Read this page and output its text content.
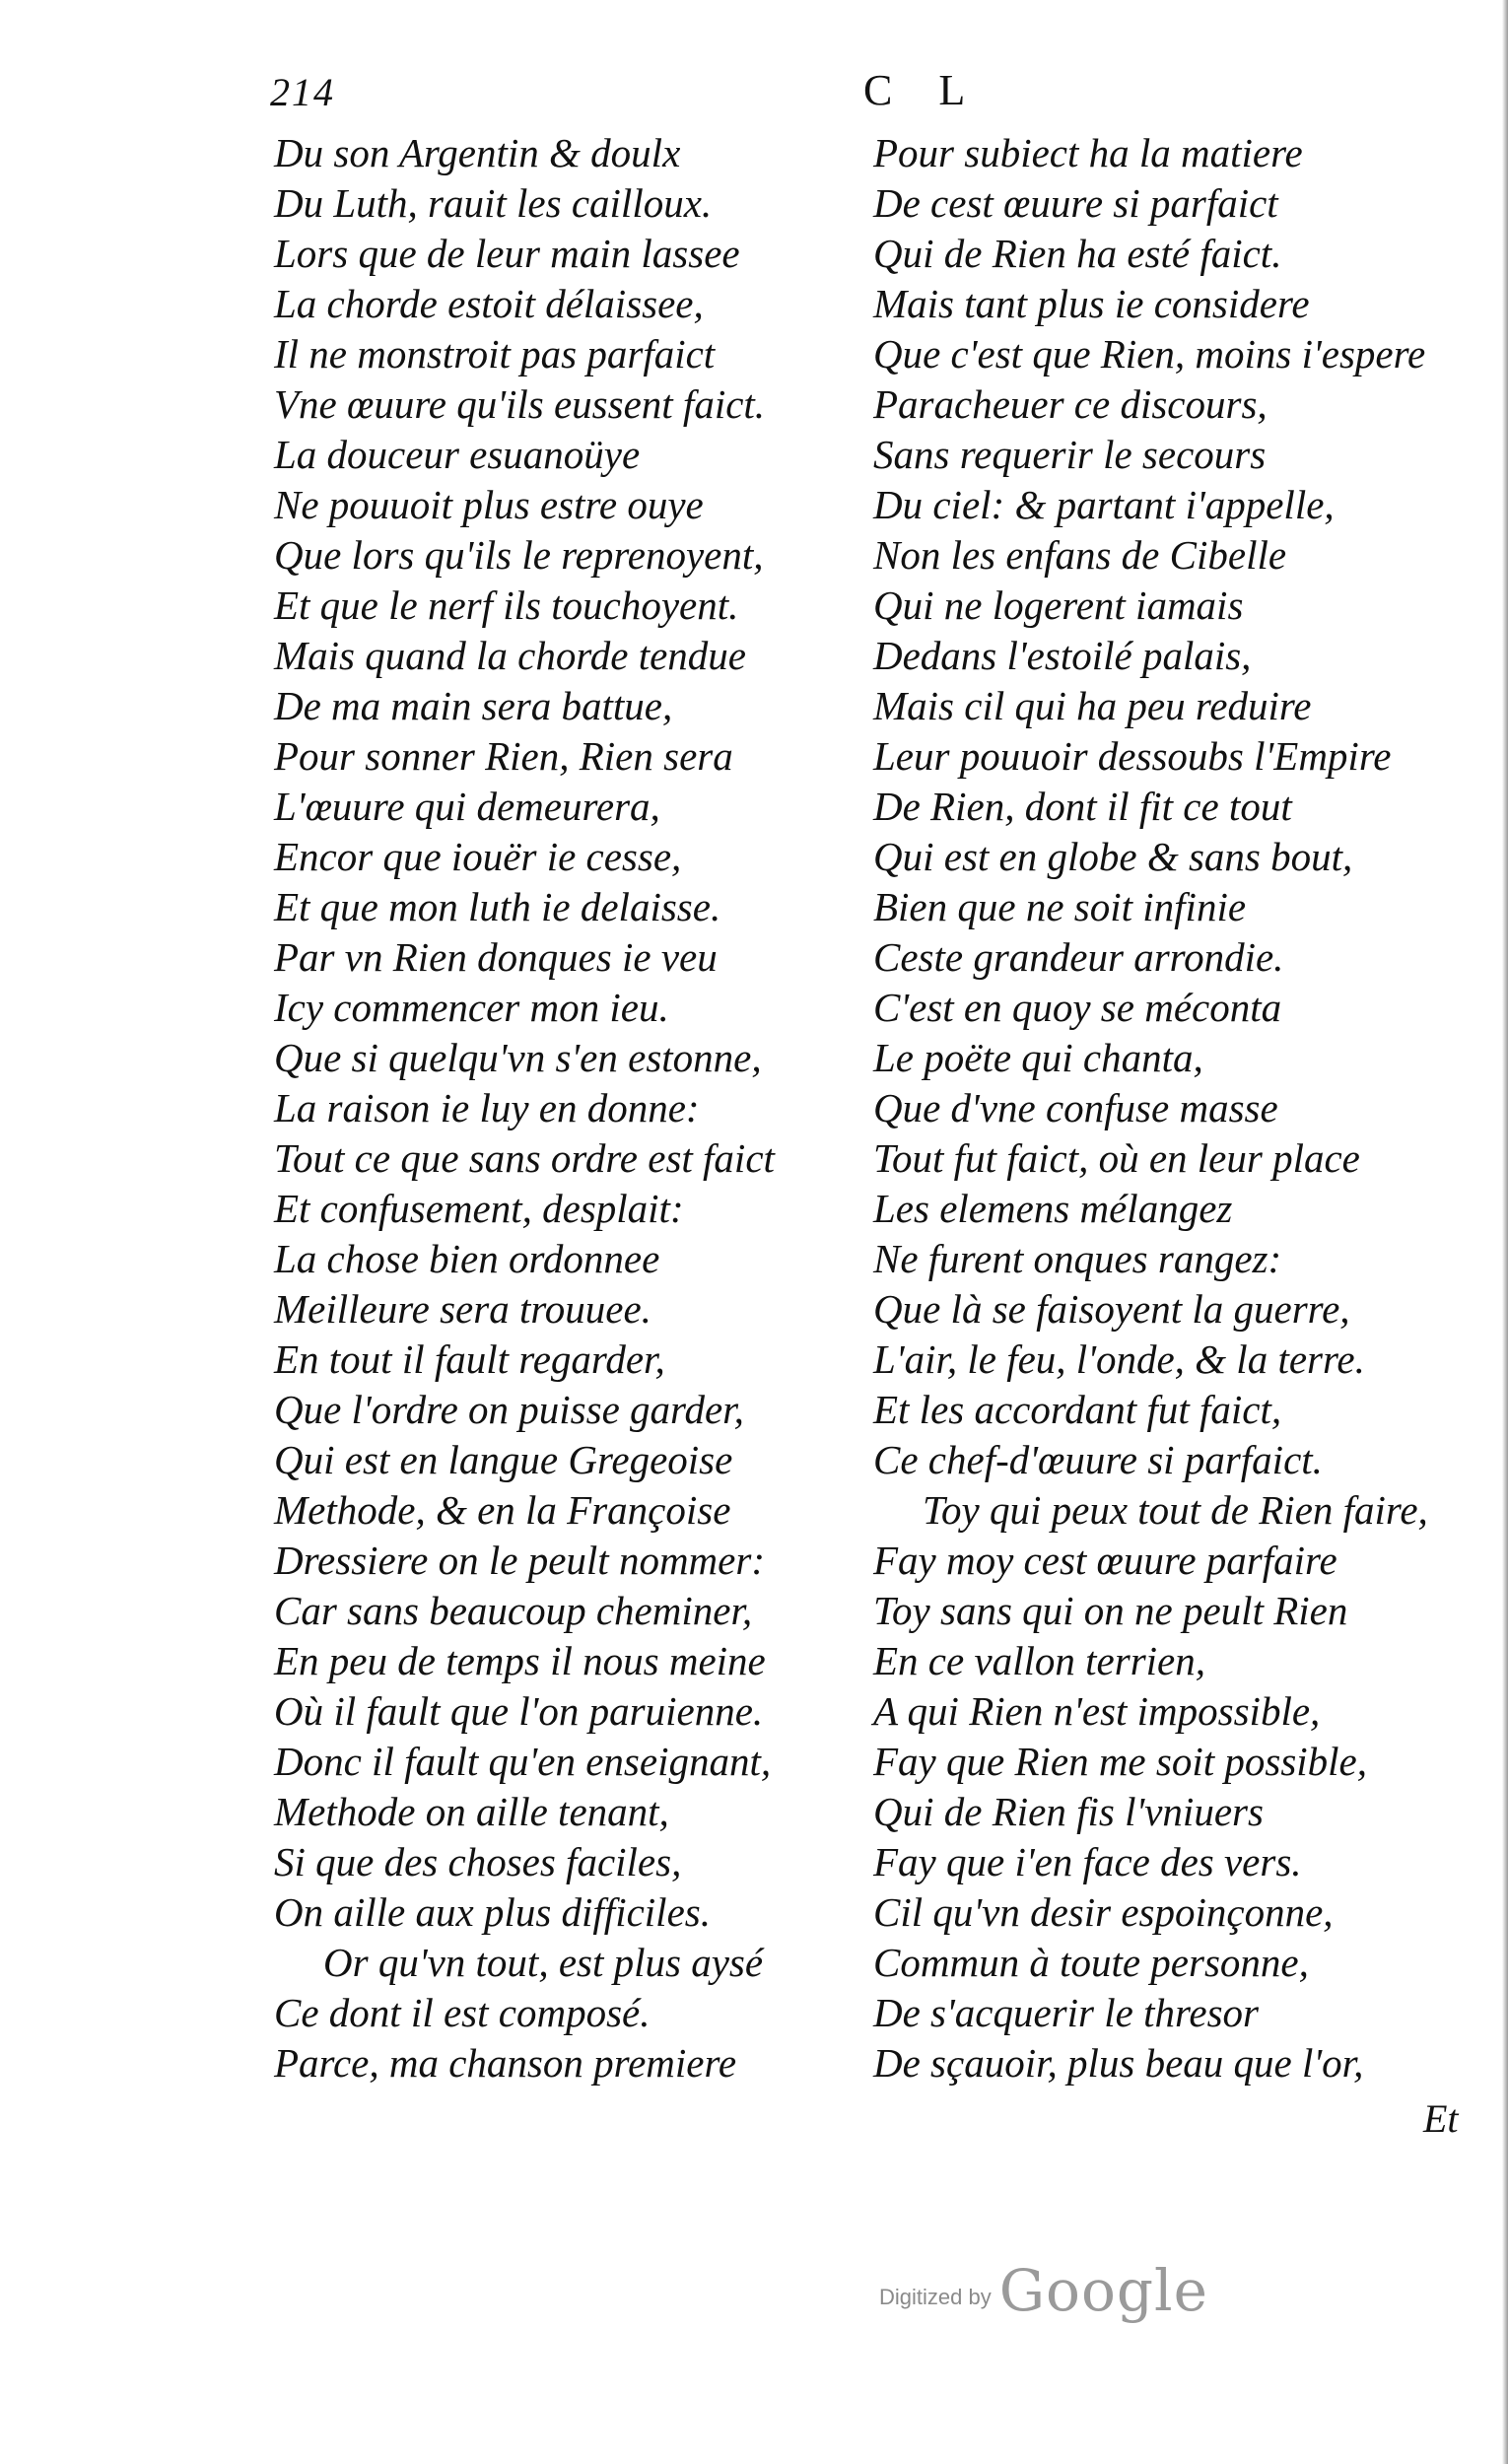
214	C L
Du son Argentin & doulx
Du Luth, rauit les cailloux.
Lors que de leur main lassee
La chorde estoit délaissee,
Il ne monstroit pas parfaict
Vne œuure qu'ils eussent faict.
La douceur esuanoüye
Ne pouuoit plus estre ouye
Que lors qu'ils le reprenoyent,
Et que le nerf ils touchoyent.
Mais quand la chorde tendue
De ma main sera battue,
Pour sonner Rien, Rien sera
L'œuure qui demeurera,
Encor que iouër ie cesse,
Et que mon luth ie delaisse.
Par vn Rien donques ie veu
Icy commencer mon ieu.
Que si quelqu'vn s'en estonne,
La raison ie luy en donne:
Tout ce que sans ordre est faict
Et confusement, desplait:
La chose bien ordonnee
Meilleure sera trouuee.
En tout il fault regarder,
Que l'ordre on puisse garder,
Qui est en langue Gregeoise
Methode, & en la Françoise
Dressiere on le peult nommer:
Car sans beaucoup cheminer,
En peu de temps il nous meine
Où il fault que l'on paruienne.
Donc il fault qu'en enseignant,
Methode on aille tenant,
Si que des choses faciles,
On aille aux plus difficiles.
Or qu'vn tout, est plus aysé
Ce dont il est composé.
Parce, ma chanson premiere
Pour subiect ha la matiere
De cest œuure si parfaict
Qui de Rien ha esté faict.
Mais tant plus ie considere
Que c'est que Rien, moins i'espere
Paracheuer ce discours,
Sans requerir le secours
Du ciel: & partant i'appelle,
Non les enfans de Cibelle
Qui ne logerent iamais
Dedans l'estoilé palais,
Mais cil qui ha peu reduire
Leur pouuoir dessoubs l'Empire
De Rien, dont il fit ce tout
Qui est en globe & sans bout,
Bien que ne soit infinie
Ceste grandeur arrondie.
C'est en quoy se méconta
Le poëte qui chanta,
Que d'vne confuse masse
Tout fut faict, où en leur place
Les elemens mélangez
Ne furent onques rangez:
Que là se faisoyent la guerre,
L'air, le feu, l'onde, & la terre.
Et les accordant fut faict,
Ce chef-d'œuure si parfaict.
Toy qui peux tout de Rien faire,
Fay moy cest œuure parfaire
Toy sans qui on ne peult Rien
En ce vallon terrien,
A qui Rien n'est impossible,
Fay que Rien me soit possible,
Qui de Rien fis l'vniuers
Fay que i'en face des vers.
Cil qu'vn desir espoinçonne,
Commun à toute personne,
De s'acquerir le thresor
De sçauoir, plus beau que l'or,
Et
Digitized by Google
